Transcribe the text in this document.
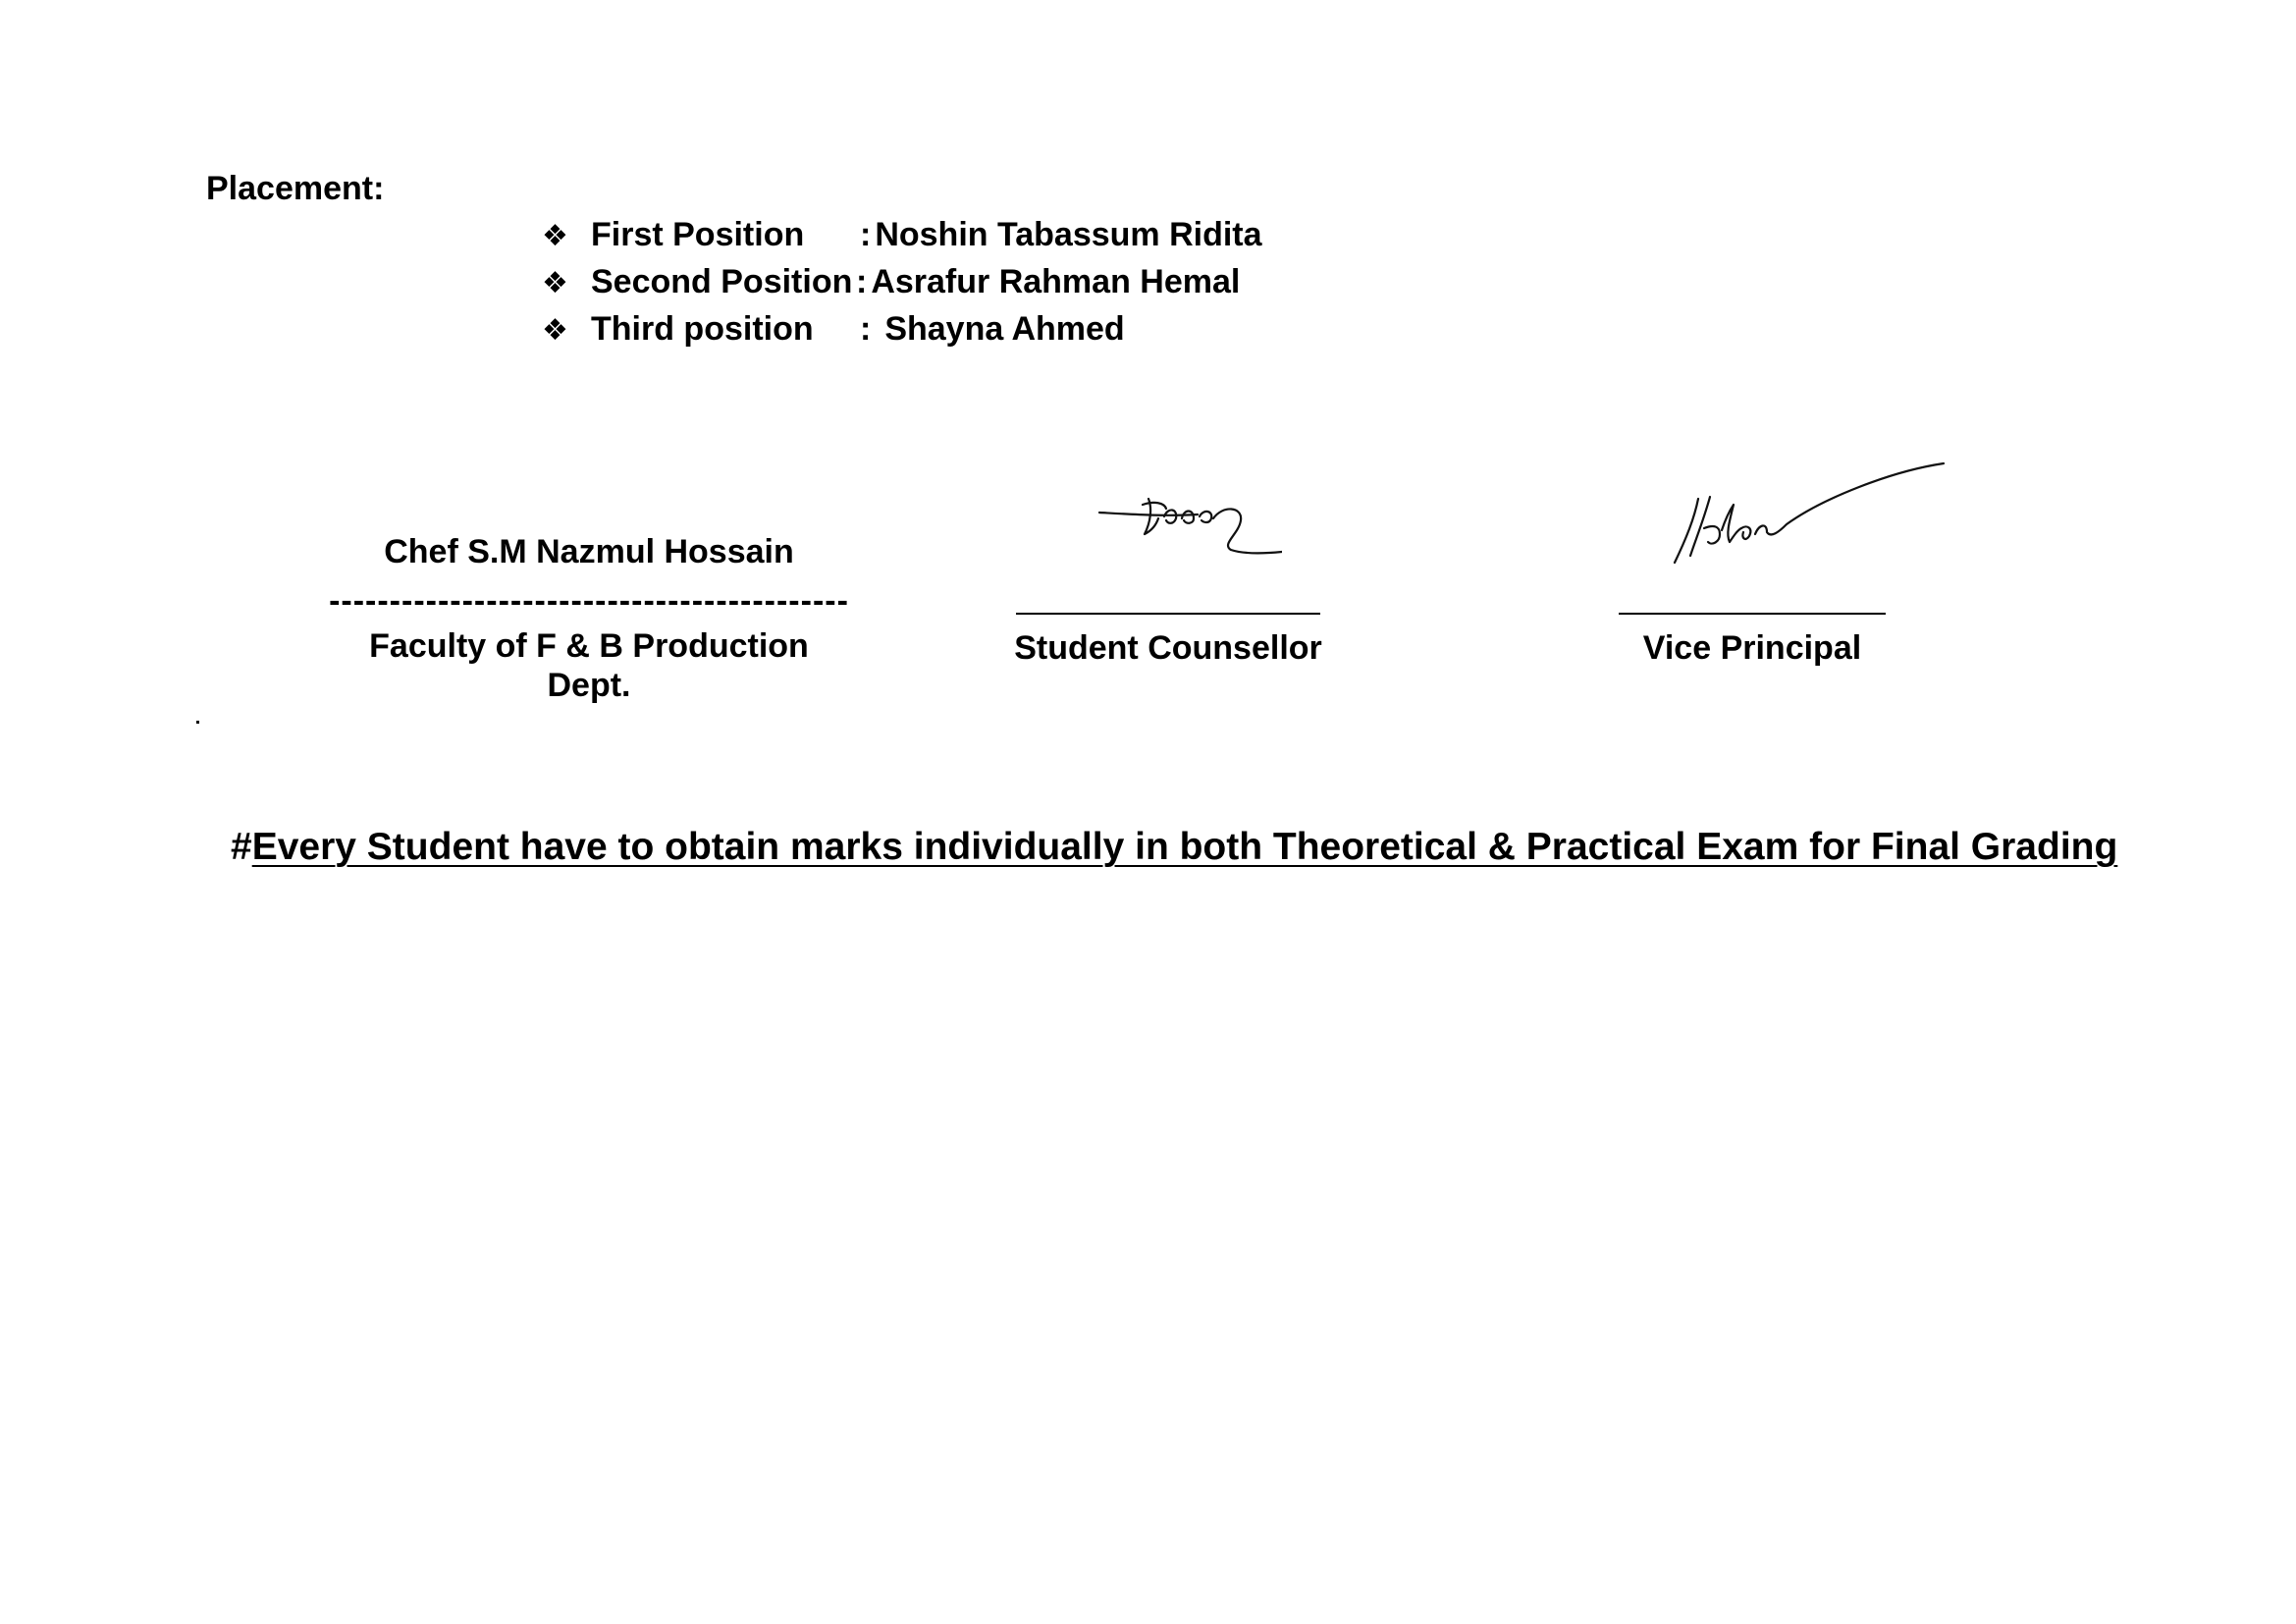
Placement:
❖ First Position : Noshin Tabassum Ridita
❖ Second Position : Asrafur Rahman Hemal
❖ Third position : Shayna Ahmed
Chef S.M Nazmul Hossain
-------------------------------------------
Faculty of F & B Production Dept.
Student Counsellor	Vice Principal
#Every Student have to obtain marks individually in both Theoretical & Practical Exam for Final Grading
